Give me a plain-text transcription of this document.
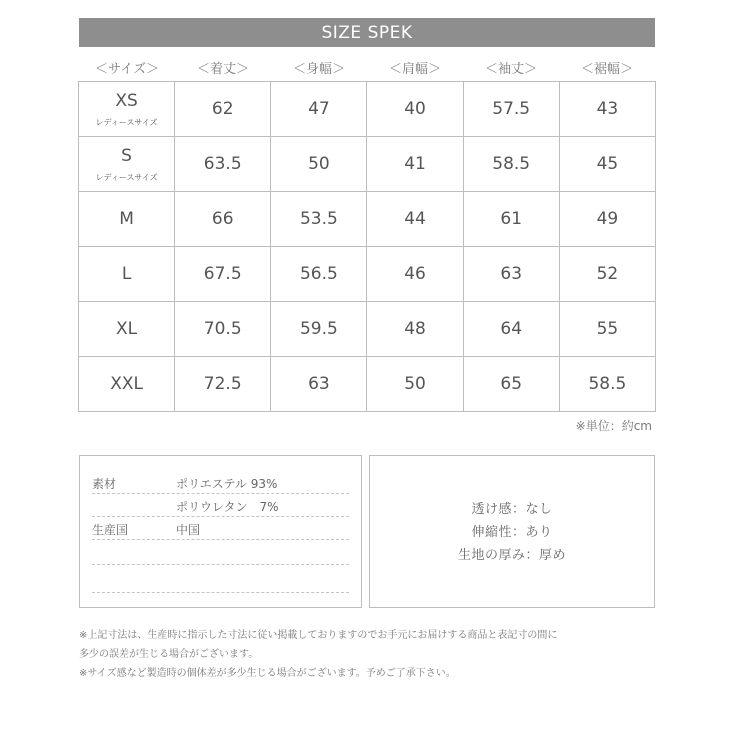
SIZE SPEK
＜サイズ＞	＜着丈＞	＜身幅＞	＜肩幅＞	＜袖丈＞	＜裾幅＞
XS
レディースサイズ	62	47	40	57.5	43

S
レディースサイズ	63.5	50	41	58.5	45

M	66	53.5	44	61	49

L	67.5	56.5	46	63	52

XL	70.5	59.5	48	64	55

XXL	72.5	63	50	65	58.5
※単位：約cm
素材	ポリエステル 93%
ポリウレタン　7%
生産国	中国
透け感：なし
伸縮性：あり
生地の厚み：厚め
※上記寸法は、生産時に指示した寸法に従い掲載しておりますのでお手元にお届けする商品と表記寸の間に
多少の誤差が生じる場合がございます。
※サイズ感など製造時の個体差が多少生じる場合がございます。予めご了承下さい。
